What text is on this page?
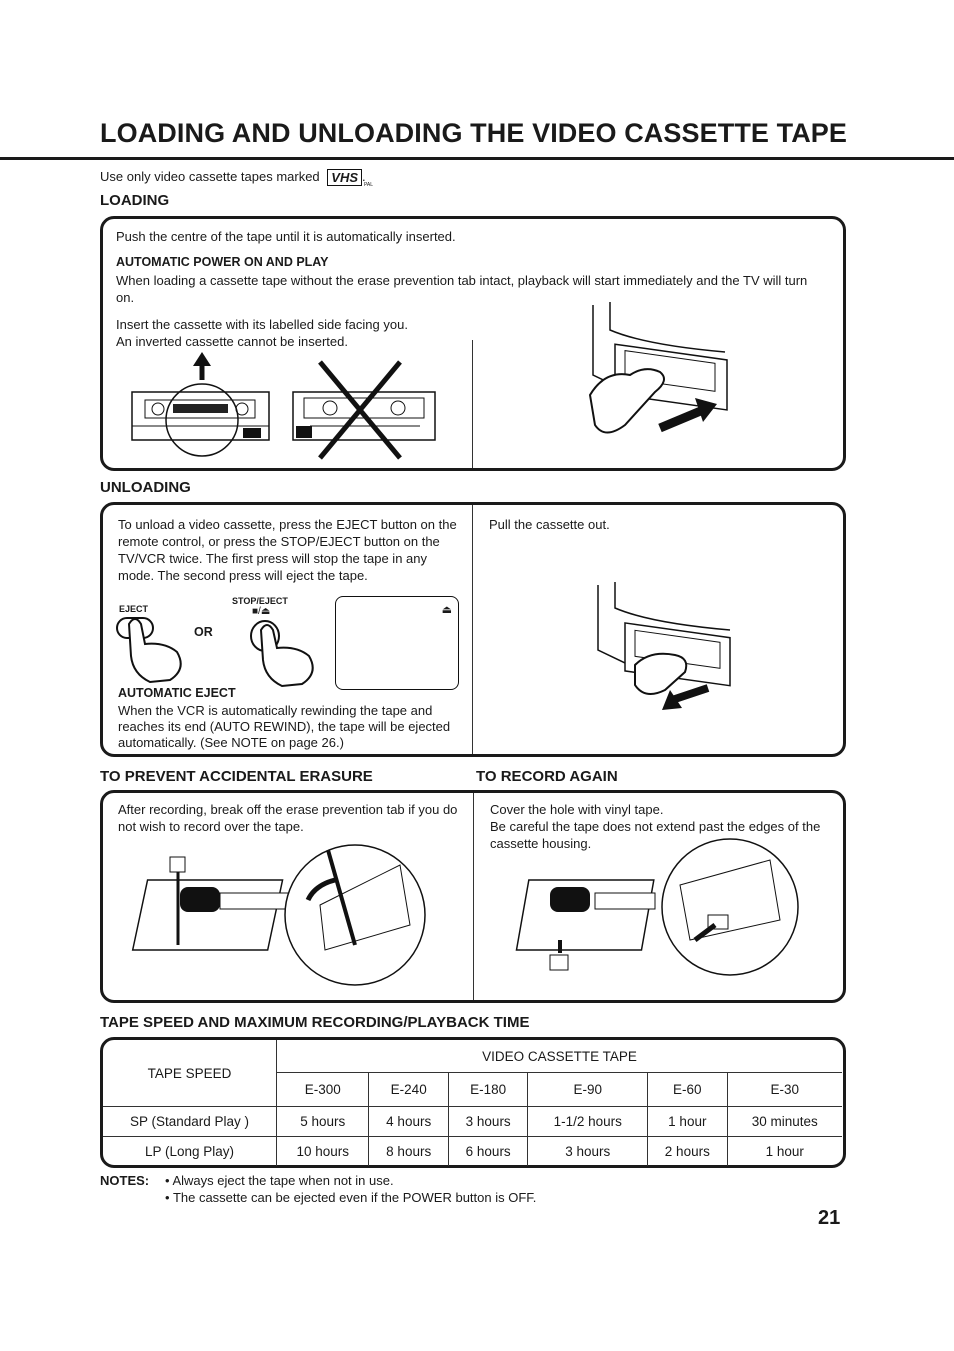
LOADING AND UNLOADING THE VIDEO CASSETTE TAPE
Use only video cassette tapes marked VHS PAL
.
LOADING
Push the centre of the tape until it is automatically inserted.
AUTOMATIC POWER ON AND PLAY
When loading a cassette tape without the erase prevention tab intact, playback will start immediately and the TV will turn on.
Insert the cassette with its labelled side facing you.
An inverted cassette cannot be inserted.
UNLOADING
To unload a video cassette, press the EJECT button on the remote control, or press the STOP/EJECT button on the TV/VCR twice. The first press will stop the tape in any mode. The second press will eject the tape.
EJECT
OR
STOP/EJECT
■/⏏	⏏
AUTOMATIC EJECT
When the VCR is automatically rewinding the tape and reaches its end (AUTO REWIND), the tape will be ejected automatically. (See NOTE on page 26.)
Pull the cassette out.
TO PREVENT ACCIDENTAL ERASURE	TO RECORD AGAIN
After recording, break off the erase prevention tab if you do not wish to record over the tape.
Cover the hole with vinyl tape.
Be careful the tape does not extend past the edges of the cassette housing.
TAPE SPEED AND MAXIMUM RECORDING/PLAYBACK TIME
TAPE SPEED	VIDEO CASSETTE TAPE					
	E-300	E-240	E-180	E-90	E-60	E-30
SP (Standard Play )	5 hours	4 hours	3 hours	1-1/2 hours	1 hour	30 minutes
LP (Long Play)	10 hours	8 hours	6 hours	3 hours	2 hours	1 hour
NOTES: • Always eject the tape when not in use.
• The cassette can be ejected even if the POWER button is OFF.
21
